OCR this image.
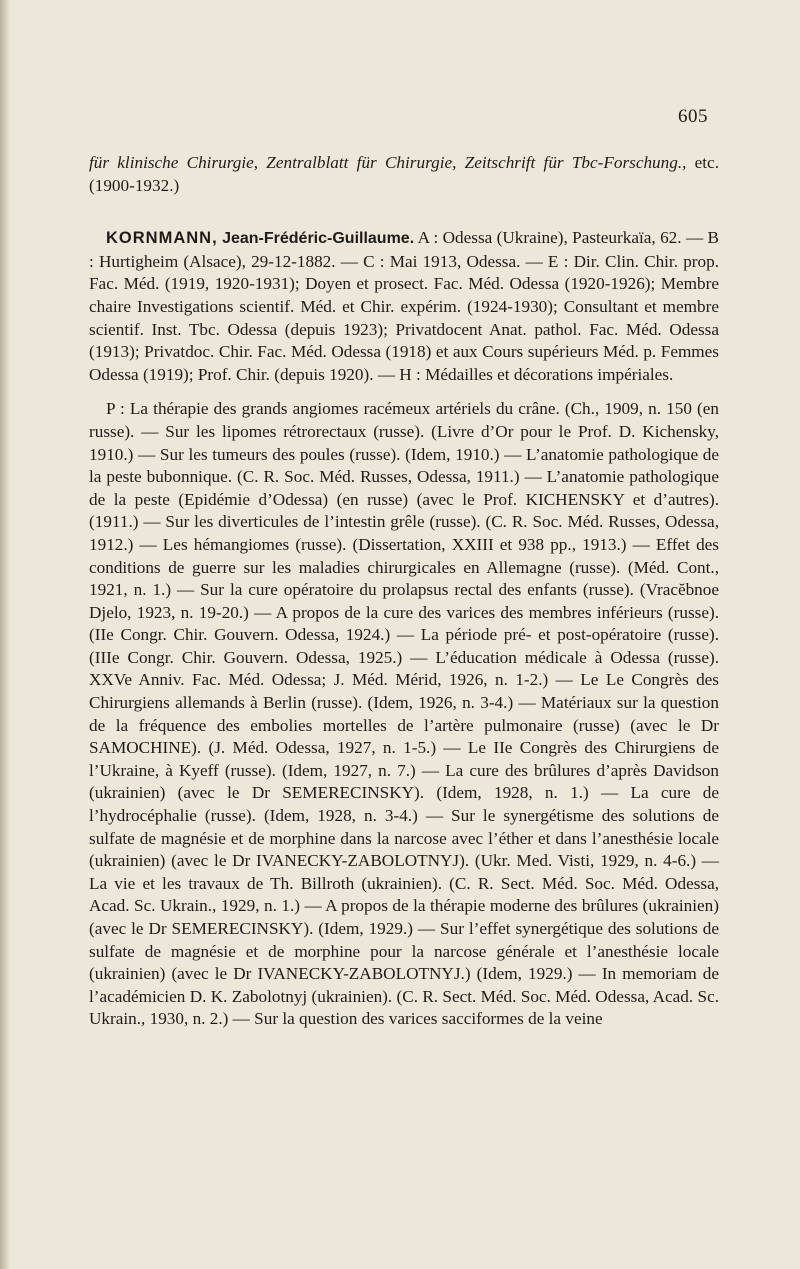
605

für klinische Chirurgie, Zentralblatt für Chirurgie, Zeitschrift für Tbc-Forschung., etc. (1900-1932.)

KORNMANN, Jean-Frédéric-Guillaume. A : Odessa (Ukraine), Pasteurkaïa, 62. — B : Hurtigheim (Alsace), 29-12-1882. — C : Mai 1913, Odessa. — E : Dir. Clin. Chir. prop. Fac. Méd. (1919, 1920-1931); Doyen et prosect. Fac. Méd. Odessa (1920-1926); Membre chaire Investigations scientif. Méd. et Chir. expérim. (1924-1930); Consultant et membre scientif. Inst. Tbc. Odessa (depuis 1923); Privatdocent Anat. pathol. Fac. Méd. Odessa (1913); Privatdoc. Chir. Fac. Méd. Odessa (1918) et aux Cours supérieurs Méd. p. Femmes Odessa (1919); Prof. Chir. (depuis 1920). — H : Médailles et décorations impériales.

P : La thérapie des grands angiomes racémeux artériels du crâne. (Ch., 1909, n. 150 (en russe). — Sur les lipomes rétrorectaux (russe). (Livre d’Or pour le Prof. D. Kichensky, 1910.) — Sur les tumeurs des poules (russe). (Idem, 1910.) — L’anatomie pathologique de la peste bubonnique. (C. R. Soc. Méd. Russes, Odessa, 1911.) — L’anatomie pathologique de la peste (Epidémie d’Odessa) (en russe) (avec le Prof. KICHENSKY et d’autres). (1911.) — Sur les diverticules de l’intestin grêle (russe). (C. R. Soc. Méd. Russes, Odessa, 1912.) — Les hémangiomes (russe). (Dissertation, XXIII et 938 pp., 1913.) — Effet des conditions de guerre sur les maladies chirurgicales en Allemagne (russe). (Méd. Cont., 1921, n. 1.) — Sur la cure opératoire du prolapsus rectal des enfants (russe). (Vracĕbnoe Djelo, 1923, n. 19-20.) — A propos de la cure des varices des membres inférieurs (russe). (IIe Congr. Chir. Gouvern. Odessa, 1924.) — La période pré- et post-opératoire (russe). (IIIe Congr. Chir. Gouvern. Odessa, 1925.) — L’éducation médicale à Odessa (russe). XXVe Anniv. Fac. Méd. Odessa; J. Méd. Mérid, 1926, n. 1-2.) — Le Le Congrès des Chirurgiens allemands à Berlin (russe). (Idem, 1926, n. 3-4.) — Matériaux sur la question de la fréquence des embolies mortelles de l’artère pulmonaire (russe) (avec le Dr SAMOCHINE). (J. Méd. Odessa, 1927, n. 1-5.) — Le IIe Congrès des Chirurgiens de l’Ukraine, à Kyeff (russe). (Idem, 1927, n. 7.) — La cure des brûlures d’après Davidson (ukrainien) (avec le Dr SEMERECINSKY). (Idem, 1928, n. 1.) — La cure de l’hydrocéphalie (russe). (Idem, 1928, n. 3-4.) — Sur le synergétisme des solutions de sulfate de magnésie et de morphine dans la narcose avec l’éther et dans l’anesthésie locale (ukrainien) (avec le Dr IVANECKY-ZABOLOTNYJ). (Ukr. Med. Visti, 1929, n. 4-6.) — La vie et les travaux de Th. Billroth (ukrainien). (C. R. Sect. Méd. Soc. Méd. Odessa, Acad. Sc. Ukrain., 1929, n. 1.) — A propos de la thérapie moderne des brûlures (ukrainien) (avec le Dr SEMERECINSKY). (Idem, 1929.) — Sur l’effet synergétique des solutions de sulfate de magnésie et de morphine pour la narcose générale et l’anesthésie locale (ukrainien) (avec le Dr IVANECKY-ZABOLOTNYJ.) (Idem, 1929.) — In memoriam de l’académicien D. K. Zabolotnyj (ukrainien). (C. R. Sect. Méd. Soc. Méd. Odessa, Acad. Sc. Ukrain., 1930, n. 2.) — Sur la question des varices sacciformes de la veine
